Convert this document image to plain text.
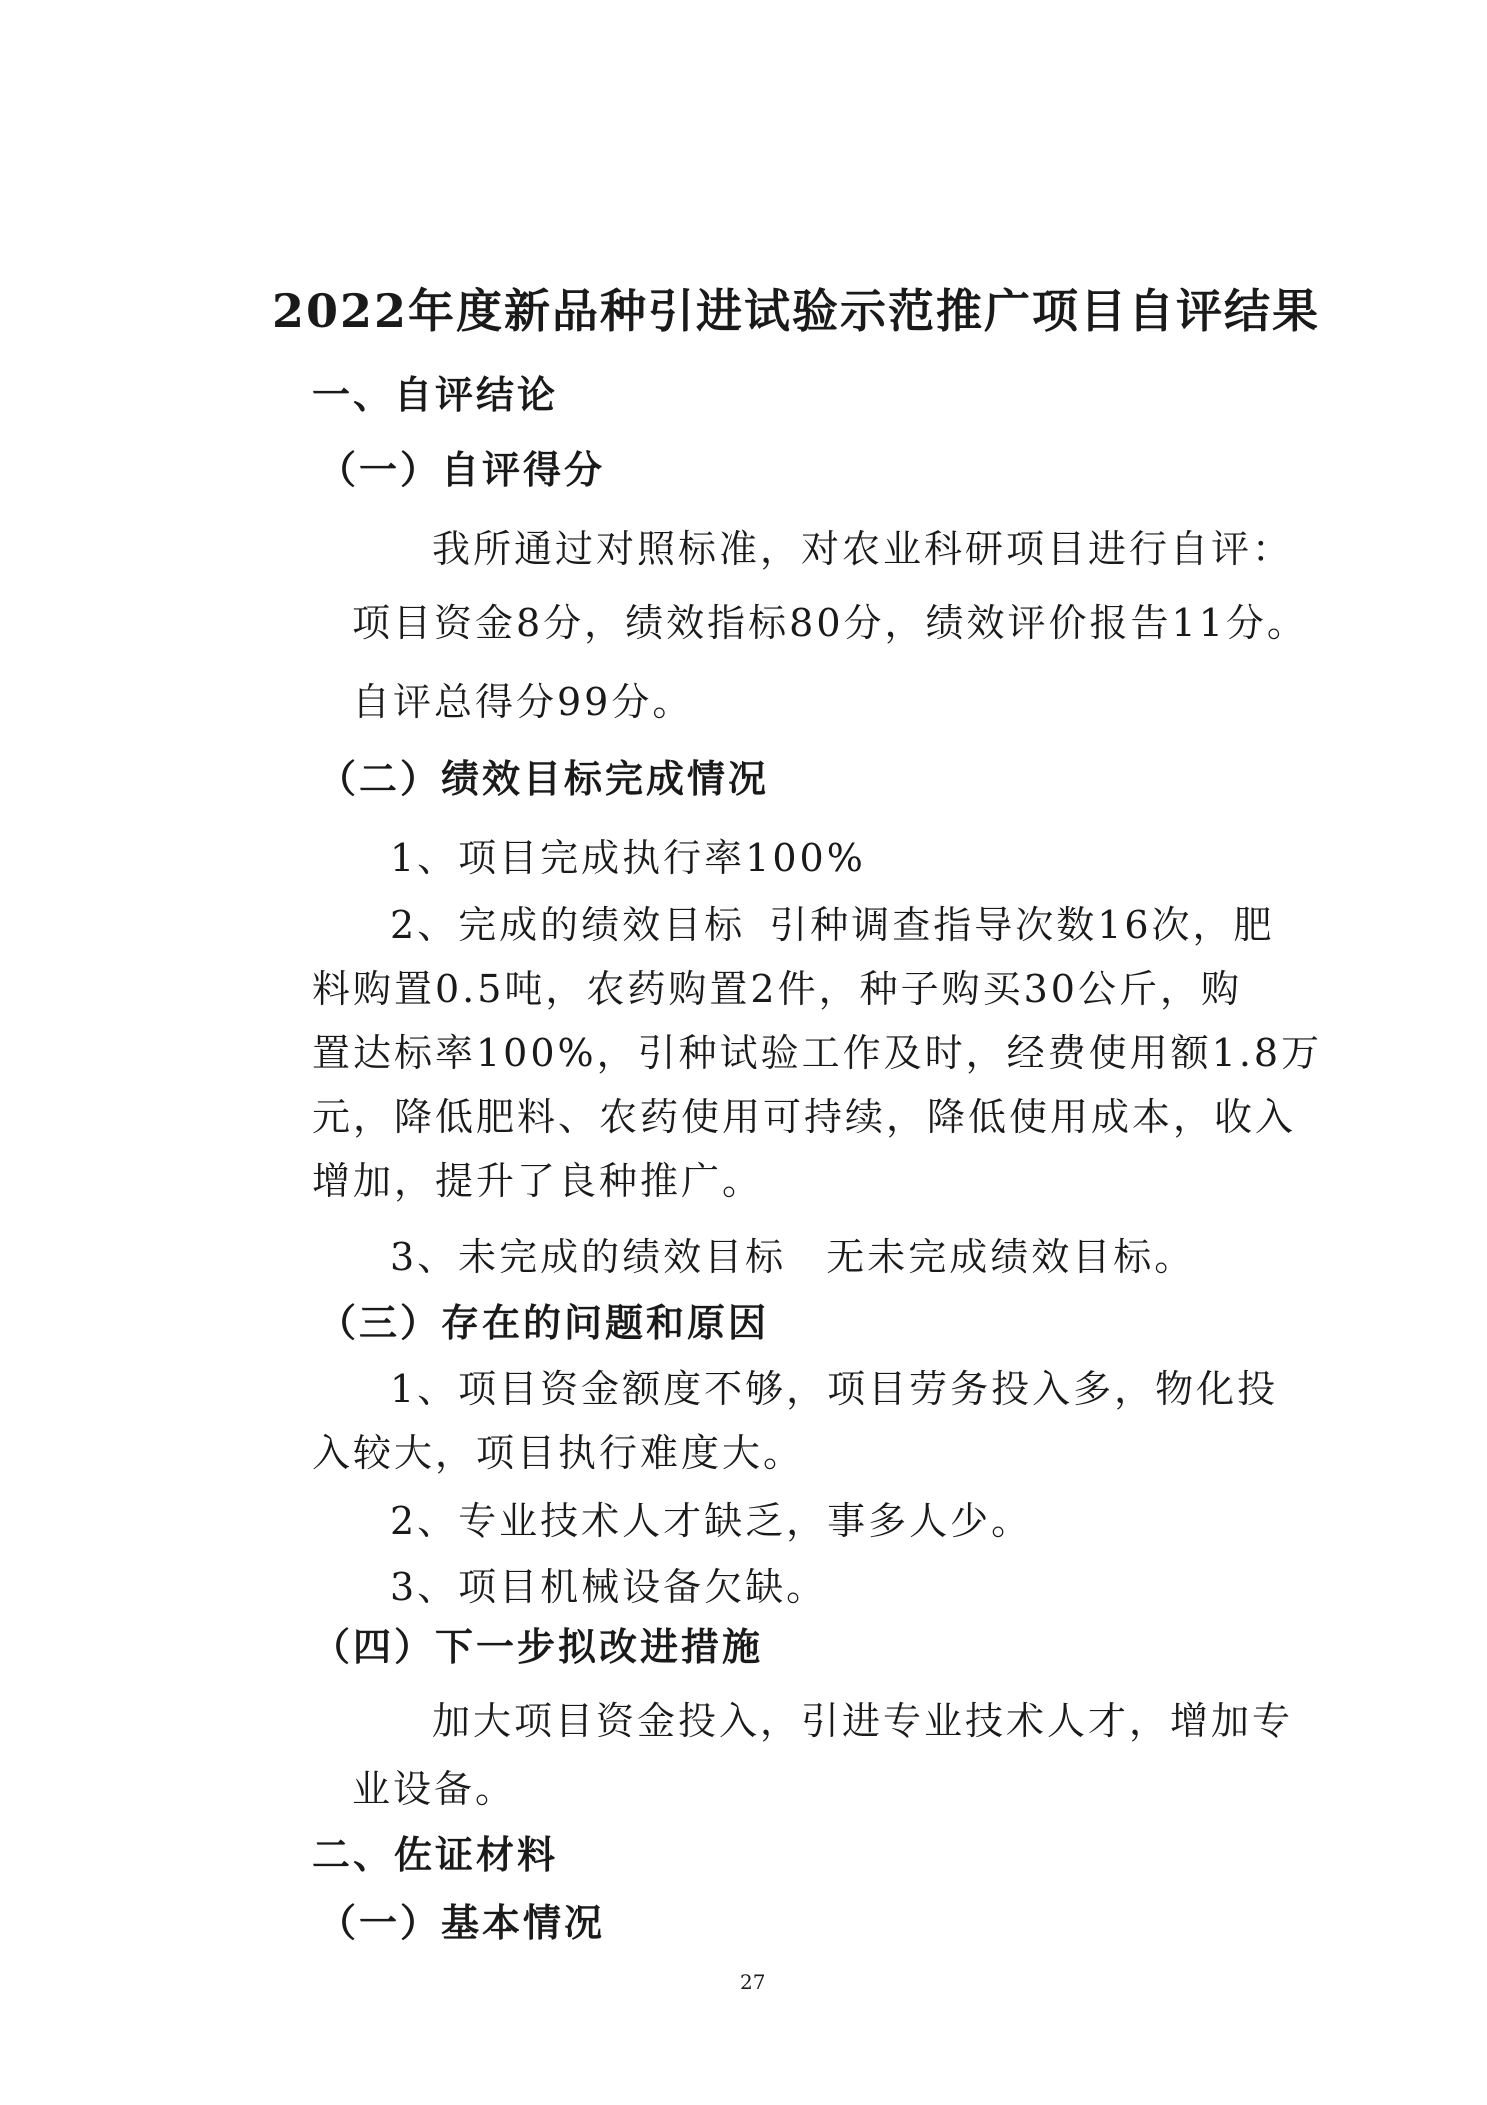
2022年度新品种引进试验示范推广项目自评结果
一、自评结论
（一）自评得分
我所通过对照标准，对农业科研项目进行自评：
项目资金8分，绩效指标80分，绩效评价报告11分。
自评总得分99分。
（二）绩效目标完成情况
1、项目完成执行率100%
2、完成的绩效目标 引种调查指导次数16次，肥
料购置0.5吨，农药购置2件，种子购买30公斤，购
置达标率100%，引种试验工作及时，经费使用额1.8万
元，降低肥料、农药使用可持续，降低使用成本，收入
增加，提升了良种推广。
3、未完成的绩效目标 无未完成绩效目标。
（三）存在的问题和原因
1、项目资金额度不够，项目劳务投入多，物化投
入较大，项目执行难度大。
2、专业技术人才缺乏，事多人少。
3、项目机械设备欠缺。
（四）下一步拟改进措施
加大项目资金投入，引进专业技术人才，增加专
业设备。
二、佐证材料
（一）基本情况
27
